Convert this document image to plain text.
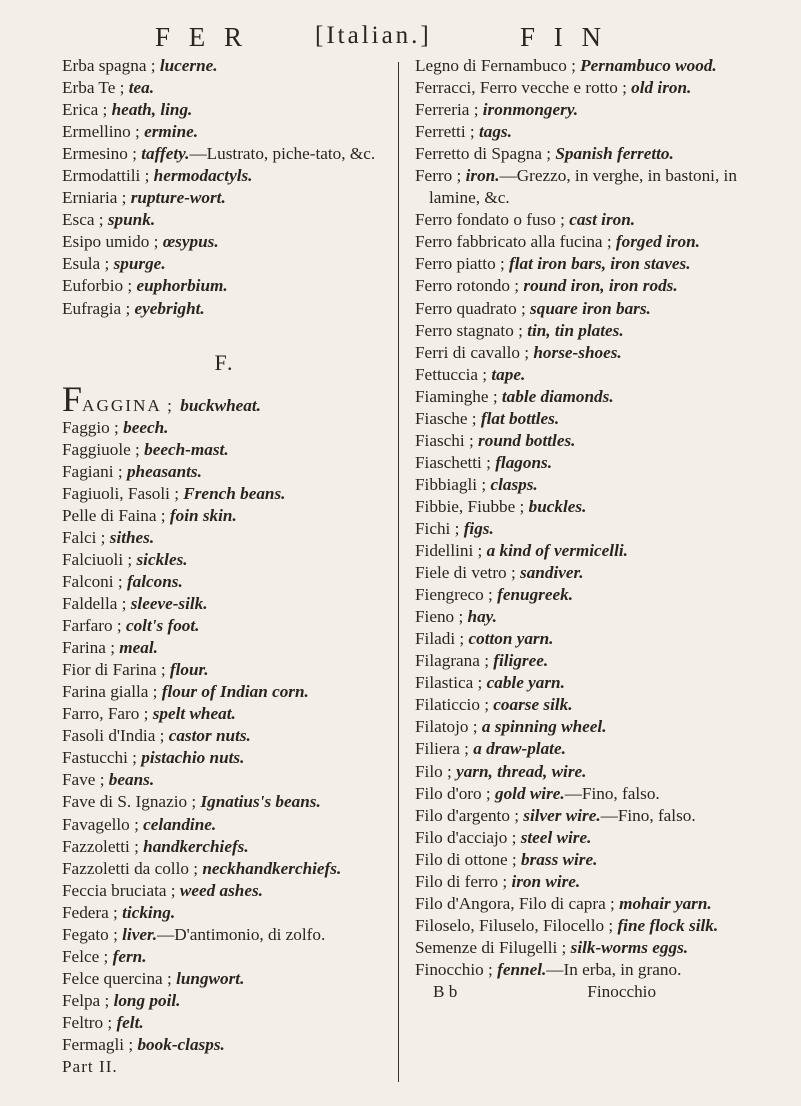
F E R	[Italian.]	F I N

Erba spagna ; lucerne.

Erba Te ; tea.

Erica ; heath, ling.

Ermellino ; ermine.

Ermesino ; taffety.—Lustrato, piche-tato, &c.

Ermodattili ; hermodactyls.

Erniaria ; rupture-wort.

Esca ; spunk.

Esipo umido ; œsypus.

Esula ; spurge.

Euforbio ; euphorbium.

Eufragia ; eyebright.

F.

FAGGINA ; buckwheat.

Faggio ; beech.

Faggiuole ; beech-mast.

Fagiani ; pheasants.

Fagiuoli, Fasoli ; French beans.

Pelle di Faina ; foin skin.

Falci ; sithes.

Falciuoli ; sickles.

Falconi ; falcons.

Faldella ; sleeve-silk.

Farfaro ; colt's foot.

Farina ; meal.

Fior di Farina ; flour.

Farina gialla ; flour of Indian corn.

Farro, Faro ; spelt wheat.

Fasoli d'India ; castor nuts.

Fastucchi ; pistachio nuts.

Fave ; beans.

Fave di S. Ignazio ; Ignatius's beans.

Favagello ; celandine.

Fazzoletti ; handkerchiefs.

Fazzoletti da collo ; neckhandkerchiefs.

Feccia bruciata ; weed ashes.

Federa ; ticking.

Fegato ; liver.—D'antimonio, di zolfo.

Felce ; fern.

Felce quercina ; lungwort.

Felpa ; long poil.

Feltro ; felt.

Fermagli ; book-clasps.

Part II.

Legno di Fernambuco ; Pernambuco wood.

Ferracci, Ferro vecche e rotto ; old iron.

Ferreria ; ironmongery.

Ferretti ; tags.

Ferretto di Spagna ; Spanish ferretto.

Ferro ; iron.—Grezzo, in verghe, in bastoni, in lamine, &c.

Ferro fondato o fuso ; cast iron.

Ferro fabbricato alla fucina ; forged iron.

Ferro piatto ; flat iron bars, iron staves.

Ferro rotondo ; round iron, iron rods.

Ferro quadrato ; square iron bars.

Ferro stagnato ; tin, tin plates.

Ferri di cavallo ; horse-shoes.

Fettuccia ; tape.

Fiaminghe ; table diamonds.

Fiasche ; flat bottles.

Fiaschi ; round bottles.

Fiaschetti ; flagons.

Fibbiagli ; clasps.

Fibbie, Fiubbe ; buckles.

Fichi ; figs.

Fidellini ; a kind of vermicelli.

Fiele di vetro ; sandiver.

Fiengreco ; fenugreek.

Fieno ; hay.

Filadi ; cotton yarn.

Filagrana ; filigree.

Filastica ; cable yarn.

Filaticcio ; coarse silk.

Filatojo ; a spinning wheel.

Filiera ; a draw-plate.

Filo ; yarn, thread, wire.

Filo d'oro ; gold wire.—Fino, falso.

Filo d'argento ; silver wire.—Fino, falso.

Filo d'acciajo ; steel wire.

Filo di ottone ; brass wire.

Filo di ferro ; iron wire.

Filo d'Angora, Filo di capra ; mohair yarn.

Filoselo, Filuselo, Filocello ; fine flock silk.

Semenze di Filugelli ; silk-worms eggs.

Finocchio ; fennel.—In erba, in grano.

B b	Finocchio
